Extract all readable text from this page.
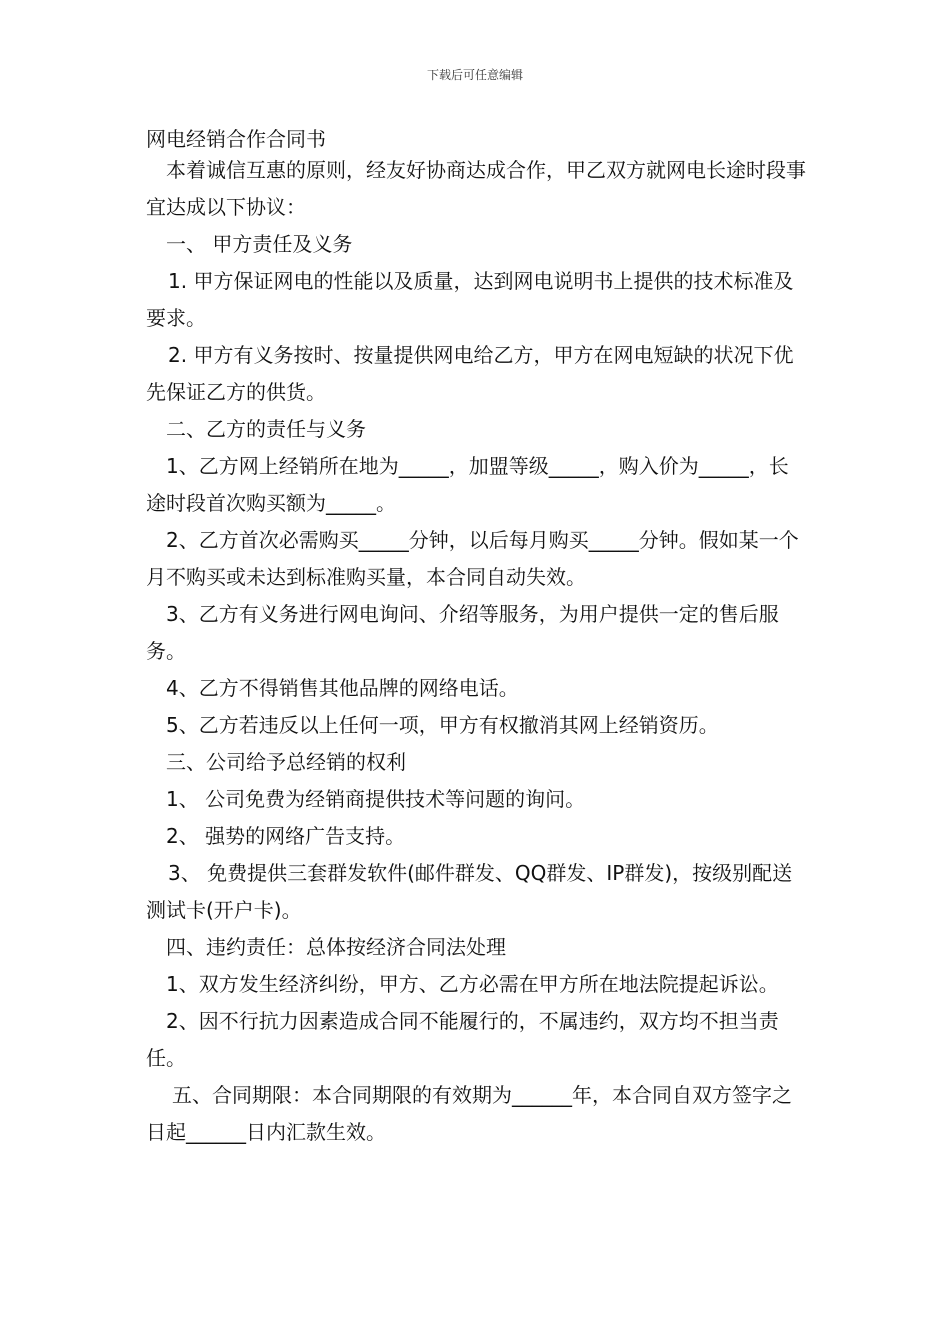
下载后可任意编辑
网电经销合作合同书

本着诚信互惠的原则，经友好协商达成合作，甲乙双方就网电长途时段事宜达成以下协议：

一、 甲方责任及义务

1. 甲方保证网电的性能以及质量，达到网电说明书上提供的技术标准及要求。

2. 甲方有义务按时、按量提供网电给乙方，甲方在网电短缺的状况下优先保证乙方的供货。

二、乙方的责任与义务

1、乙方网上经销所在地为_____，加盟等级_____，购入价为_____，长途时段首次购买额为_____。

2、乙方首次必需购买_____分钟，以后每月购买_____分钟。假如某一个月不购买或未达到标准购买量，本合同自动失效。

3、乙方有义务进行网电询问、介绍等服务，为用户提供一定的售后服务。

4、乙方不得销售其他品牌的网络电话。

5、乙方若违反以上任何一项，甲方有权撤消其网上经销资历。

三、公司给予总经销的权利

1、 公司免费为经销商提供技术等问题的询问。

2、 强势的网络广告支持。

3、 免费提供三套群发软件(邮件群发、QQ群发、IP群发)，按级别配送测试卡(开户卡)。

四、违约责任：总体按经济合同法处理

1、双方发生经济纠纷，甲方、乙方必需在甲方所在地法院提起诉讼。

2、因不行抗力因素造成合同不能履行的，不属违约，双方均不担当责任。

五、合同期限：本合同期限的有效期为______年，本合同自双方签字之日起______日内汇款生效。
